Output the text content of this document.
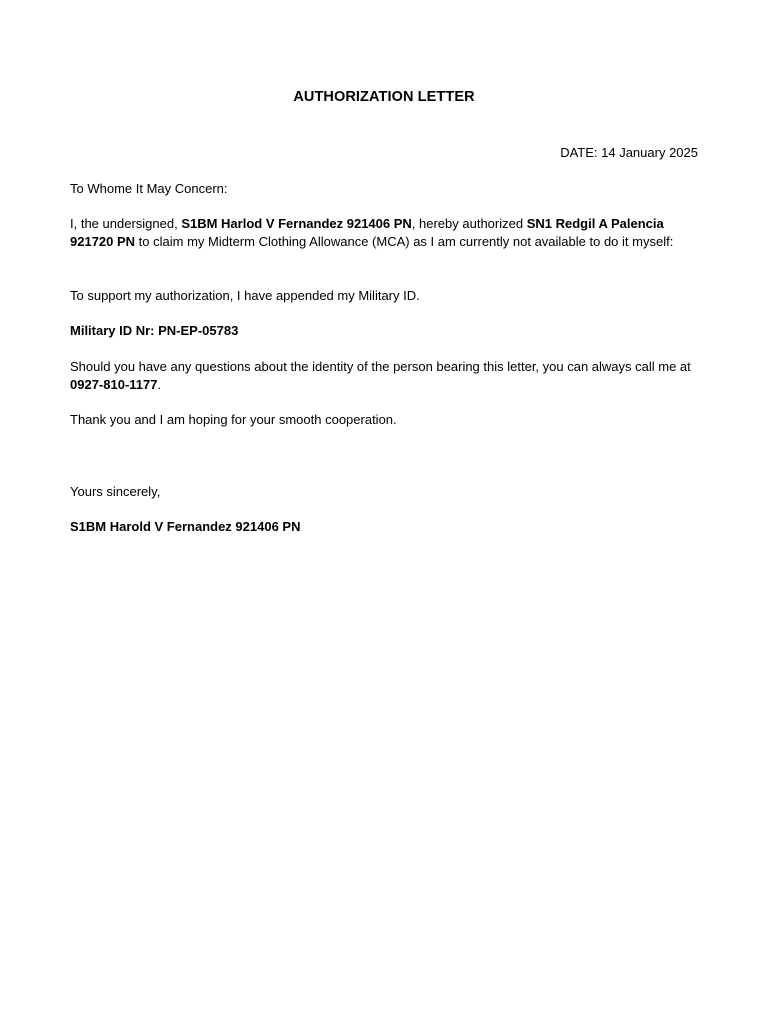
AUTHORIZATION LETTER
DATE: 14 January 2025
To Whome It May Concern:
I, the undersigned, S1BM Harlod V Fernandez 921406 PN, hereby authorized SN1 Redgil A Palencia 921720 PN to claim my Midterm Clothing Allowance (MCA) as I am currently not available to do it myself:
To support my authorization, I have appended my Military ID.
Military ID Nr: PN-EP-05783
Should you have any questions about the identity of the person bearing this letter, you can always call me at 0927-810-1177.
Thank you and I am hoping for your smooth cooperation.
Yours sincerely,
S1BM Harold V Fernandez 921406 PN
